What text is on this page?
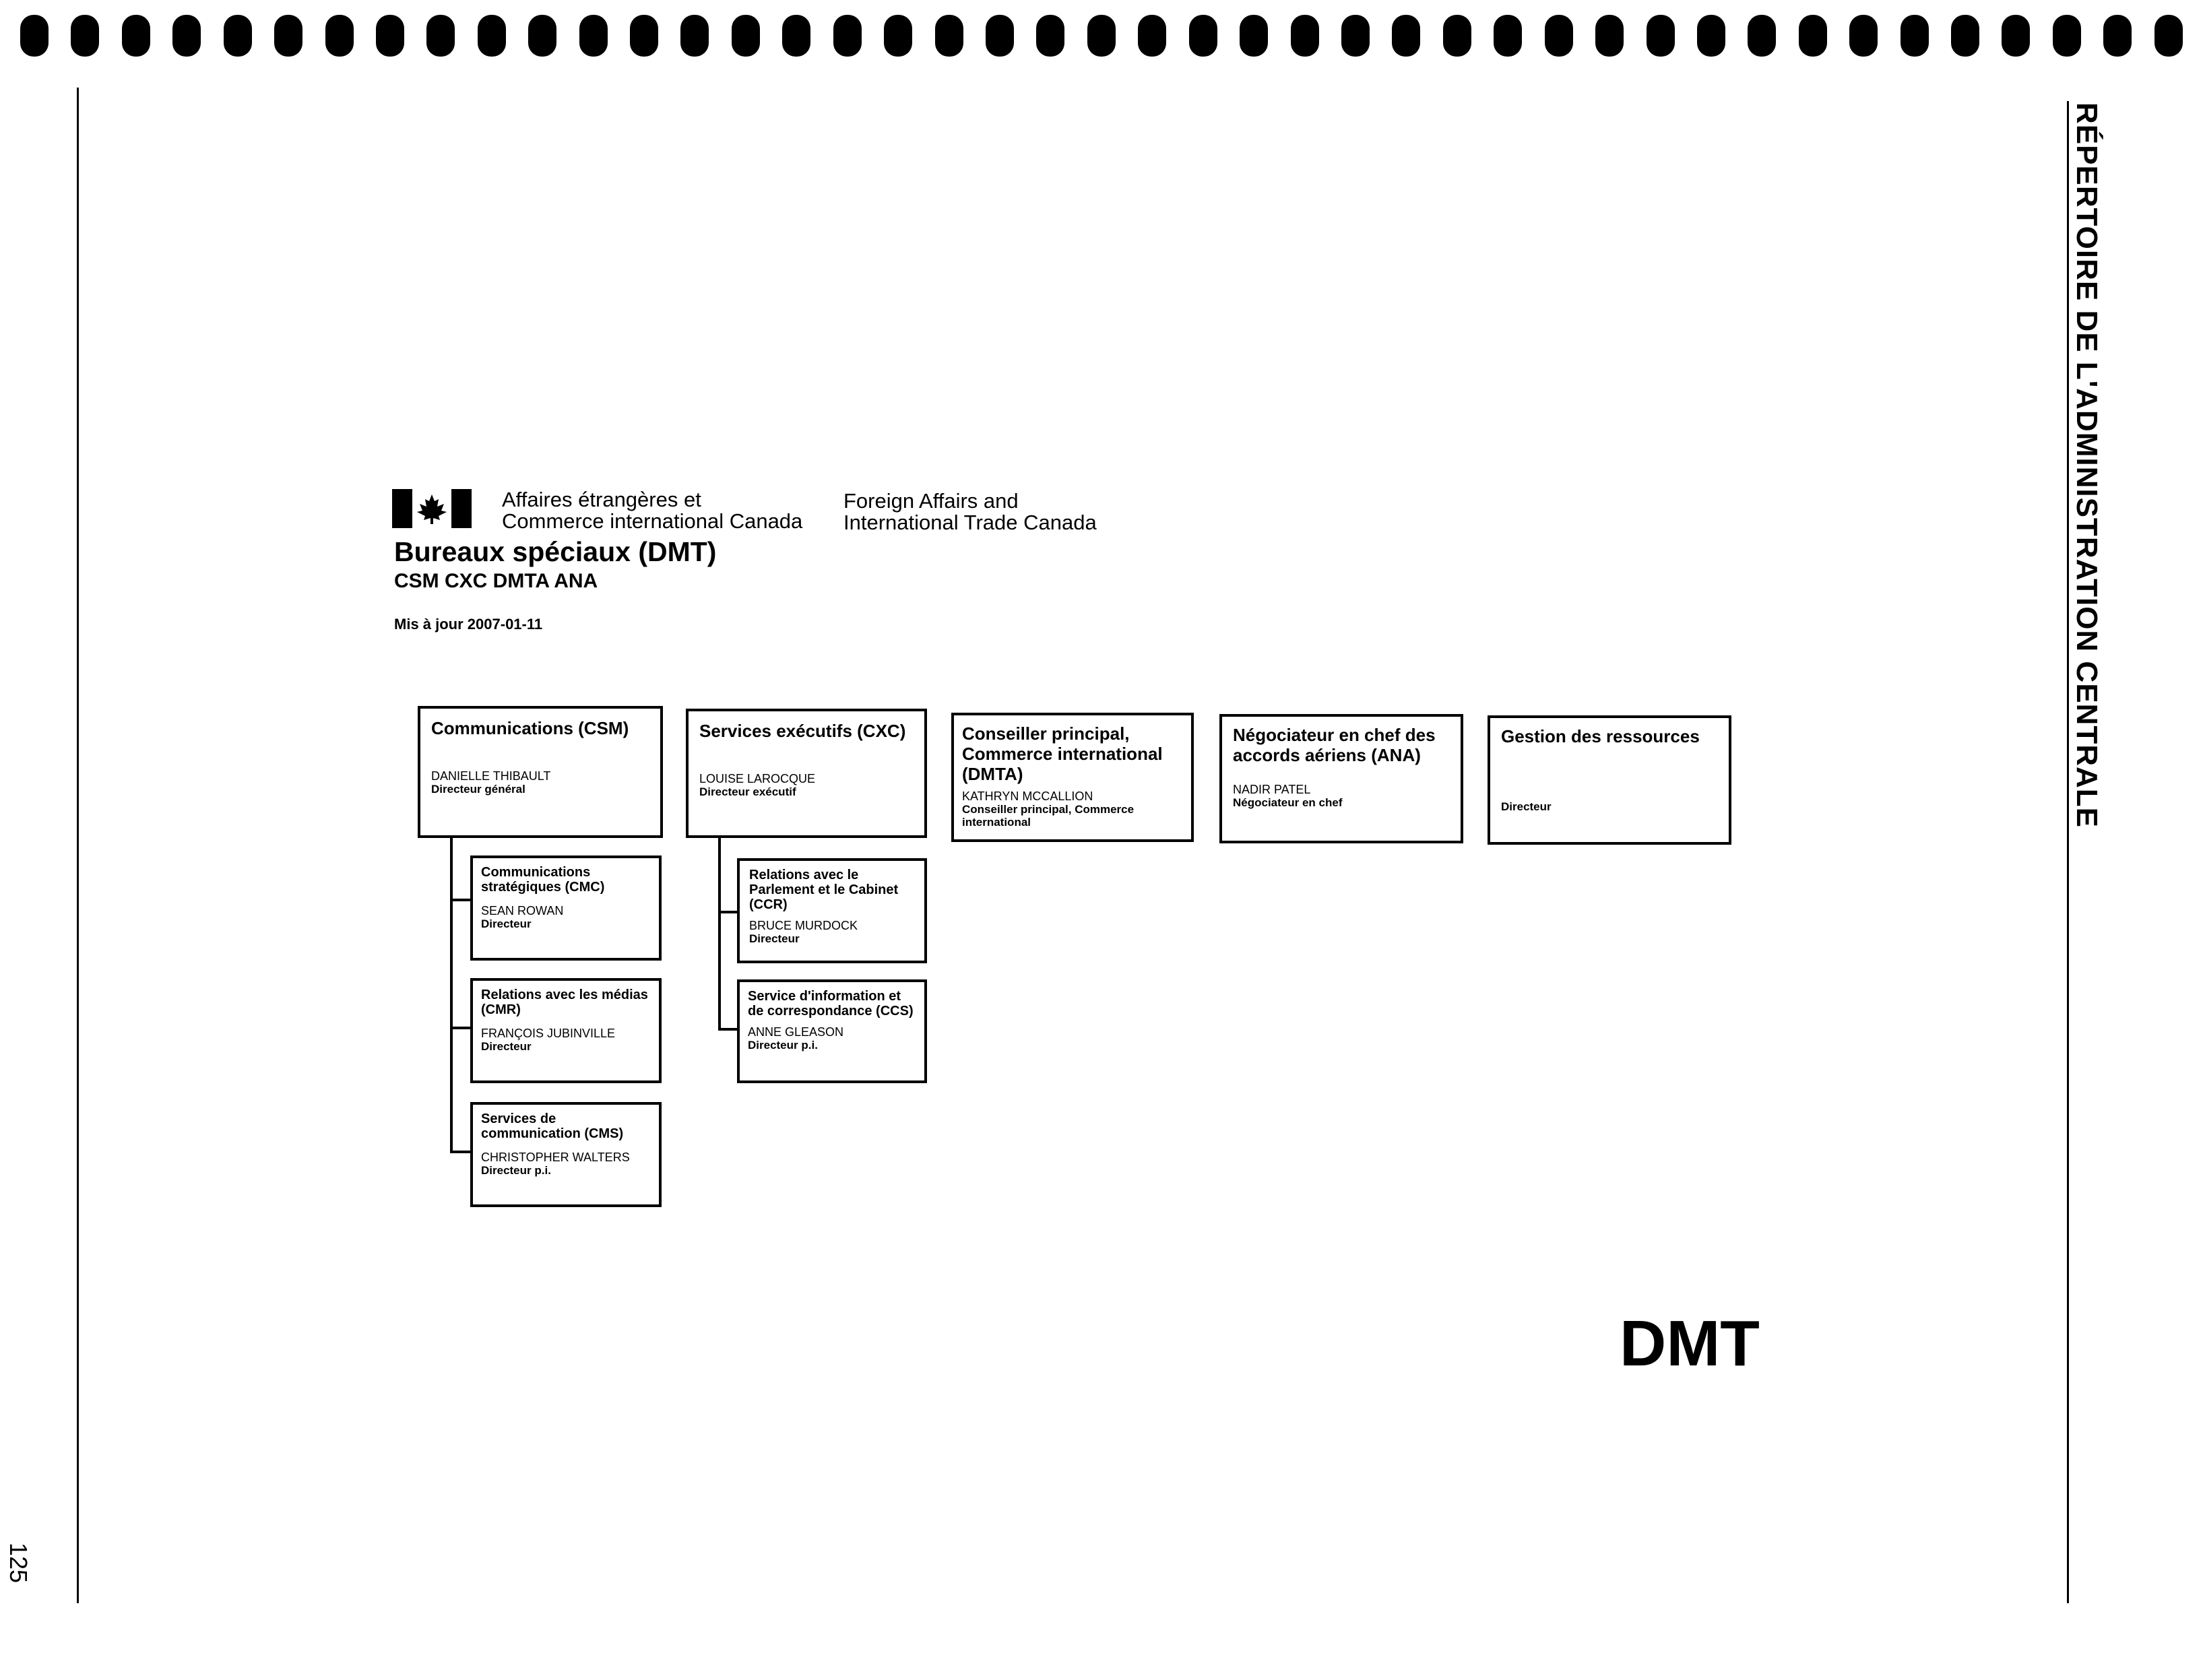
125
RÉPERTOIRE DE L'ADMINISTRATION CENTRALE
Affaires étrangères et
Commerce international Canada
Foreign Affairs and
International Trade Canada
Bureaux spéciaux (DMT)
CSM CXC DMTA ANA
Mis à jour 2007-01-11
Communications (CSM)
DANIELLE THIBAULT
Directeur général
Services exécutifs (CXC)
LOUISE LAROCQUE
Directeur exécutif
Conseiller principal, Commerce international (DMTA)
KATHRYN MCCALLION
Conseiller principal, Commerce international
Négociateur en chef des accords aériens (ANA)
NADIR PATEL
Négociateur en chef
Gestion des ressources
Directeur
Communications stratégiques (CMC)
SEAN ROWAN
Directeur
Relations avec les médias (CMR)
FRANÇOIS JUBINVILLE
Directeur
Services de communication (CMS)
CHRISTOPHER WALTERS
Directeur p.i.
Relations avec le Parlement et le Cabinet (CCR)
BRUCE MURDOCK
Directeur
Service d'information et de correspondance (CCS)
ANNE GLEASON
Directeur p.i.
DMT
